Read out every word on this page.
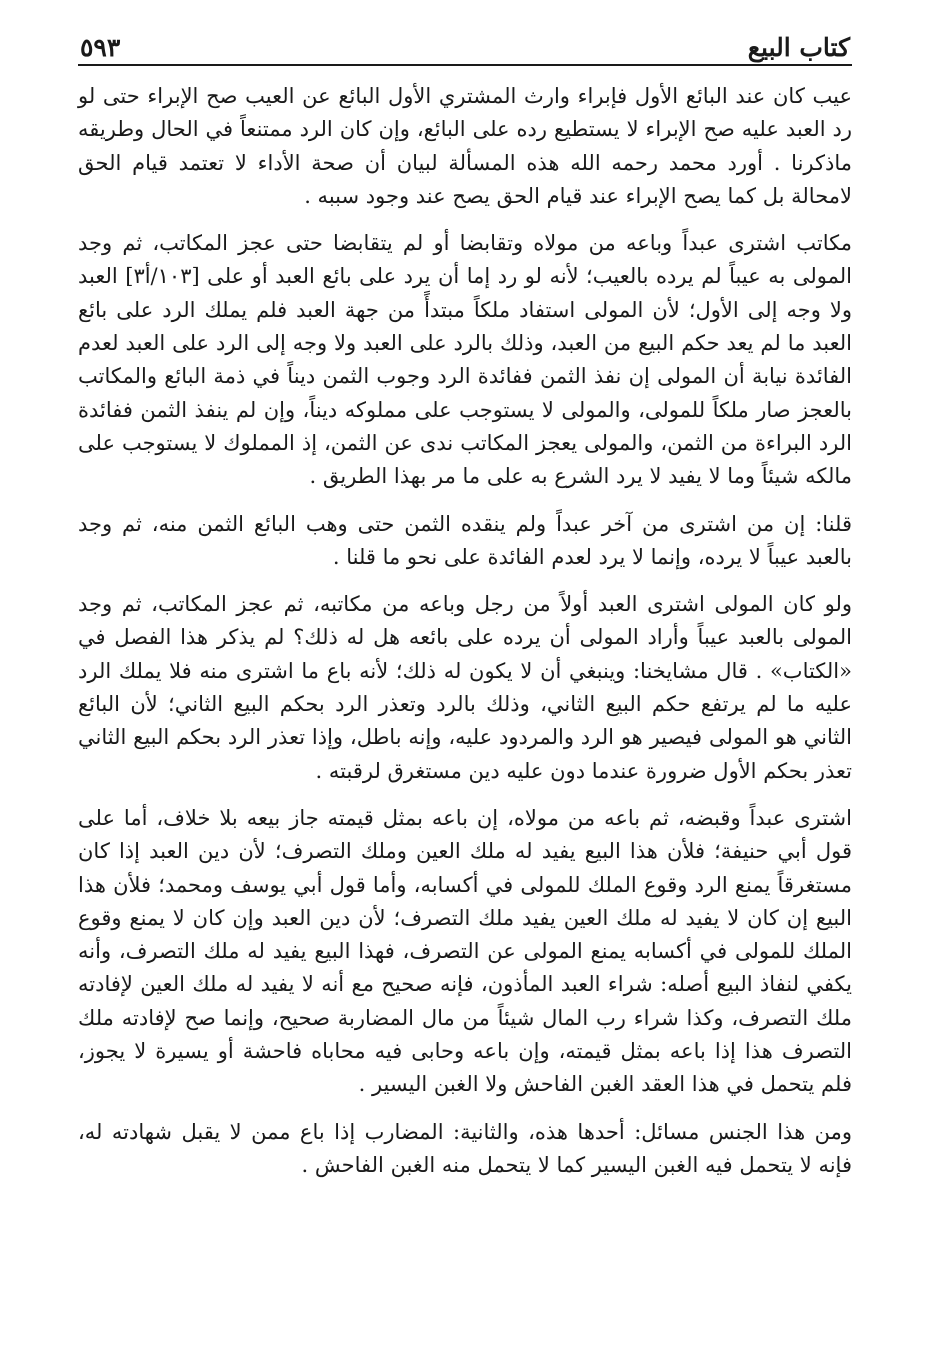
كتاب البيع
٥٩٣

عيب كان عند البائع الأول فإبراء وارث المشتري الأول البائع عن العيب صح الإبراء حتى لو رد العبد عليه صح الإبراء لا يستطيع رده على البائع، وإن كان الرد ممتنعاً في الحال وطريقه ماذكرنا . أورد محمد رحمه الله هذه المسألة لبيان أن صحة الأداء لا تعتمد قيام الحق لامحالة بل كما يصح الإبراء عند قيام الحق يصح عند وجود سببه .

مكاتب اشترى عبداً وباعه من مولاه وتقابضا أو لم يتقابضا حتى عجز المكاتب، ثم وجد المولى به عيباً لم يرده بالعيب؛ لأنه لو رد إما أن يرد على بائع العبد أو على [١٠٣/أ٣] العبد ولا وجه إلى الأول؛ لأن المولى استفاد ملكاً مبتدأً من جهة العبد فلم يملك الرد على بائع العبد ما لم يعد حكم البيع من العبد، وذلك بالرد على العبد ولا وجه إلى الرد على العبد لعدم الفائدة نيابة أن المولى إن نفذ الثمن ففائدة الرد وجوب الثمن ديناً في ذمة البائع والمكاتب بالعجز صار ملكاً للمولى، والمولى لا يستوجب على مملوكه ديناً، وإن لم ينفذ الثمن ففائدة الرد البراءة من الثمن، والمولى يعجز المكاتب ندى عن الثمن، إذ المملوك لا يستوجب على مالكه شيئاً وما لا يفيد لا يرد الشرع به على ما مر بهذا الطريق .

قلنا: إن من اشترى من آخر عبداً ولم ينقده الثمن حتى وهب البائع الثمن منه، ثم وجد بالعبد عيباً لا يرده، وإنما لا يرد لعدم الفائدة على نحو ما قلنا .

ولو كان المولى اشترى العبد أولاً من رجل وباعه من مكاتبه، ثم عجز المكاتب، ثم وجد المولى بالعبد عيباً وأراد المولى أن يرده على بائعه هل له ذلك؟ لم يذكر هذا الفصل في «الكتاب» . قال مشايخنا: وينبغي أن لا يكون له ذلك؛ لأنه باع ما اشترى منه فلا يملك الرد عليه ما لم يرتفع حكم البيع الثاني، وذلك بالرد وتعذر الرد بحكم البيع الثاني؛ لأن البائع الثاني هو المولى فيصير هو الرد والمردود عليه، وإنه باطل، وإذا تعذر الرد بحكم البيع الثاني تعذر بحكم الأول ضرورة عندما دون عليه دين مستغرق لرقبته .

اشترى عبداً وقبضه، ثم باعه من مولاه، إن باعه بمثل قيمته جاز بيعه بلا خلاف، أما على قول أبي حنيفة؛ فلأن هذا البيع يفيد له ملك العين وملك التصرف؛ لأن دين العبد إذا كان مستغرقاً يمنع الرد وقوع الملك للمولى في أكسابه، وأما قول أبي يوسف ومحمد؛ فلأن هذا البيع إن كان لا يفيد له ملك العين يفيد ملك التصرف؛ لأن دين العبد وإن كان لا يمنع وقوع الملك للمولى في أكسابه يمنع المولى عن التصرف، فهذا البيع يفيد له ملك التصرف، وأنه يكفي لنفاذ البيع أصله: شراء العبد المأذون، فإنه صحيح مع أنه لا يفيد له ملك العين لإفادته ملك التصرف، وكذا شراء رب المال شيئاً من مال المضاربة صحيح، وإنما صح لإفادته ملك التصرف هذا إذا باعه بمثل قيمته، وإن باعه وحابى فيه محاباه فاحشة أو يسيرة لا يجوز، فلم يتحمل في هذا العقد الغبن الفاحش ولا الغبن اليسير .

ومن هذا الجنس مسائل: أحدها هذه، والثانية: المضارب إذا باع ممن لا يقبل شهادته له، فإنه لا يتحمل فيه الغبن اليسير كما لا يتحمل منه الغبن الفاحش .
